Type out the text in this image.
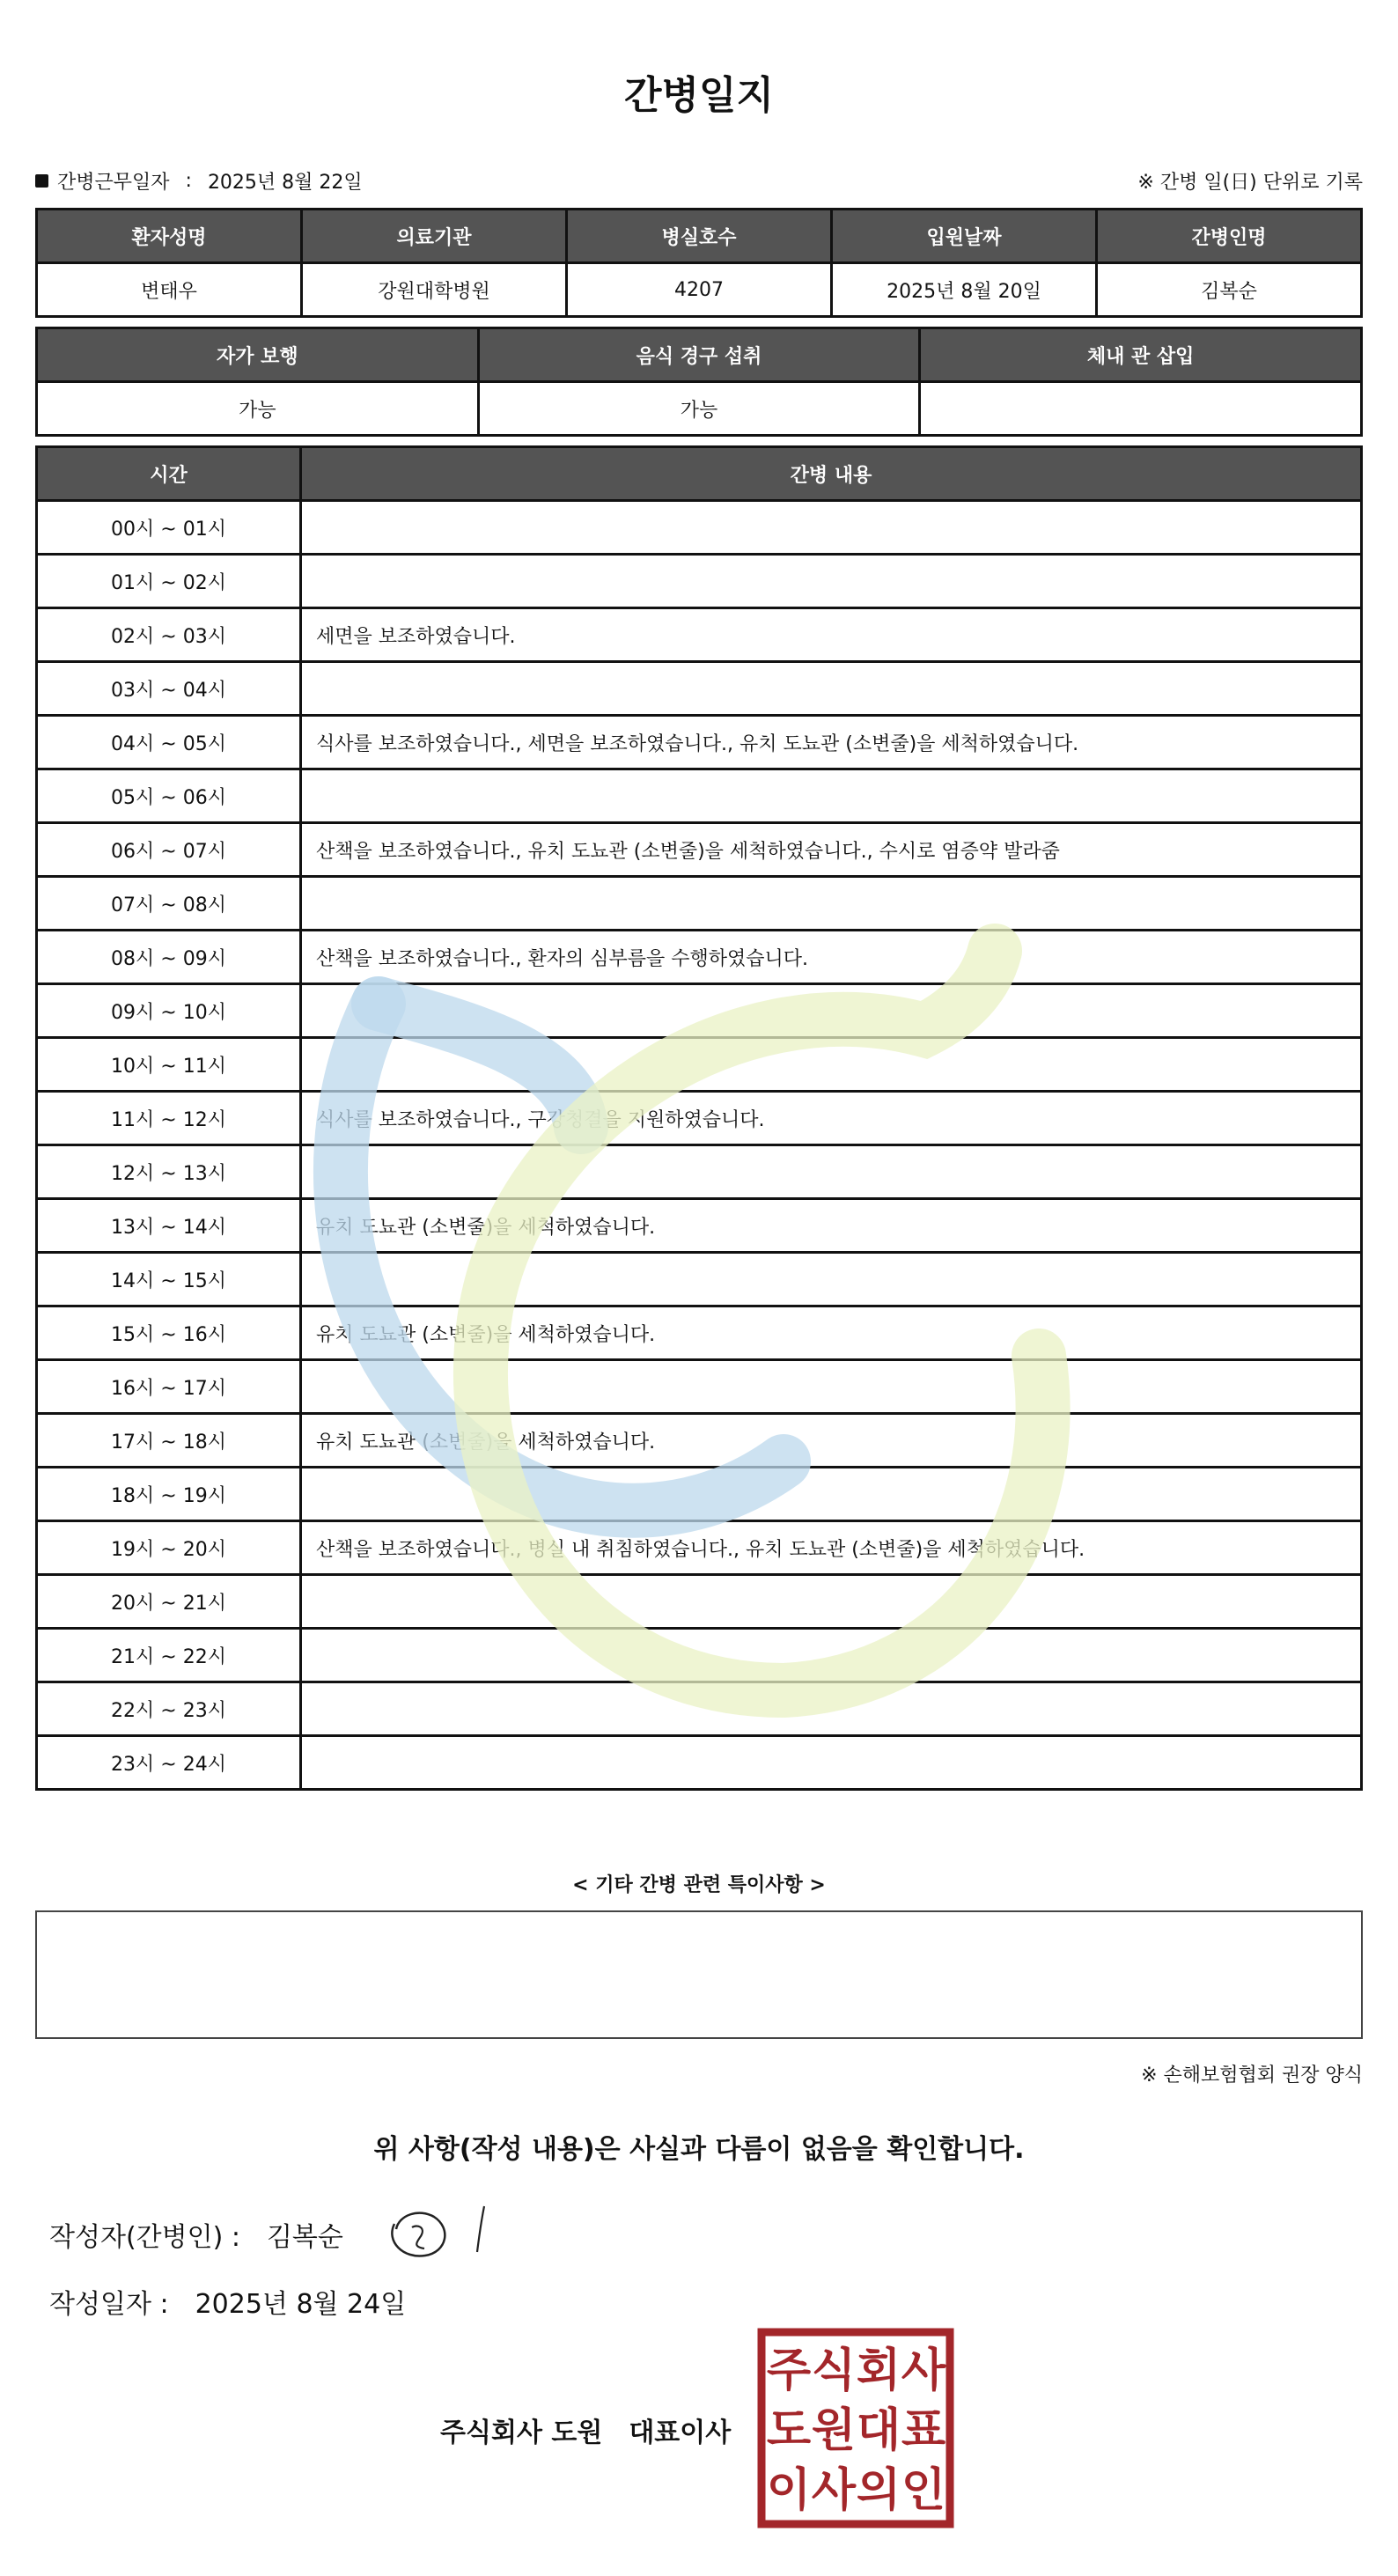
간병일지
간병근무일자 : 2025년 8월 22일	※ 간병 일(日) 단위로 기록
환자성명	의료기관	병실호수	입원날짜	간병인명
변태우	강원대학병원	4207	2025년 8월 20일	김복순
자가 보행	음식 경구 섭취	체내 관 삽입
가능	가능	
시간	간병 내용
00시 ~ 01시	
01시 ~ 02시	
02시 ~ 03시	세면을 보조하였습니다.
03시 ~ 04시	
04시 ~ 05시	식사를 보조하였습니다., 세면을 보조하였습니다., 유치 도뇨관 (소변줄)을 세척하였습니다.
05시 ~ 06시	
06시 ~ 07시	산책을 보조하였습니다., 유치 도뇨관 (소변줄)을 세척하였습니다., 수시로 염증약 발라줌
07시 ~ 08시	
08시 ~ 09시	산책을 보조하였습니다., 환자의 심부름을 수행하였습니다.
09시 ~ 10시	
10시 ~ 11시	
11시 ~ 12시	식사를 보조하였습니다., 구강청결을 지원하였습니다.
12시 ~ 13시	
13시 ~ 14시	유치 도뇨관 (소변줄)을 세척하였습니다.
14시 ~ 15시	
15시 ~ 16시	유치 도뇨관 (소변줄)을 세척하였습니다.
16시 ~ 17시	
17시 ~ 18시	유치 도뇨관 (소변줄)을 세척하였습니다.
18시 ~ 19시	
19시 ~ 20시	산책을 보조하였습니다., 병실 내 취침하였습니다., 유치 도뇨관 (소변줄)을 세척하였습니다.
20시 ~ 21시	
21시 ~ 22시	
22시 ~ 23시	
23시 ~ 24시	
< 기타 간병 관련 특이사항 >
※ 손해보험협회 권장 양식
위 사항(작성 내용)은 사실과 다름이 없음을 확인합니다.
작성자(간병인) : 김복순
작성일자 : 2025년 8월 24일
주식회사 도원 대표이사
주 식 회 사
도 원 대 표
이 사 의 인
